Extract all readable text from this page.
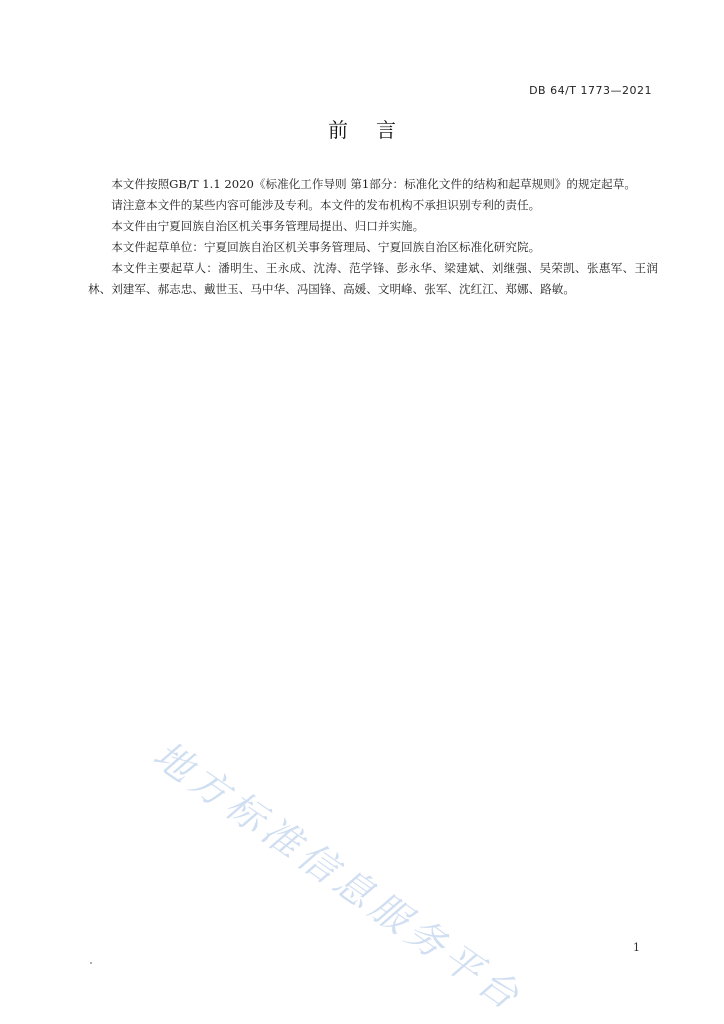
DB 64/T 1773—2021
前言

本文件按照GB/T 1.1 2020《标准化工作导则 第1部分：标准化文件的结构和起草规则》的规定起草。

请注意本文件的某些内容可能涉及专利。本文件的发布机构不承担识别专利的责任。

本文件由宁夏回族自治区机关事务管理局提出、归口并实施。

本文件起草单位：宁夏回族自治区机关事务管理局、宁夏回族自治区标准化研究院。

本文件主要起草人：潘明生、王永成、沈涛、范学锋、彭永华、梁建斌、刘继强、吴荣凯、张惠军、王润林、刘建军、郝志忠、戴世玉、马中华、冯国锋、高媛、文明峰、张军、沈红江、郑娜、路敏。

地方标准信息服务平台	1
